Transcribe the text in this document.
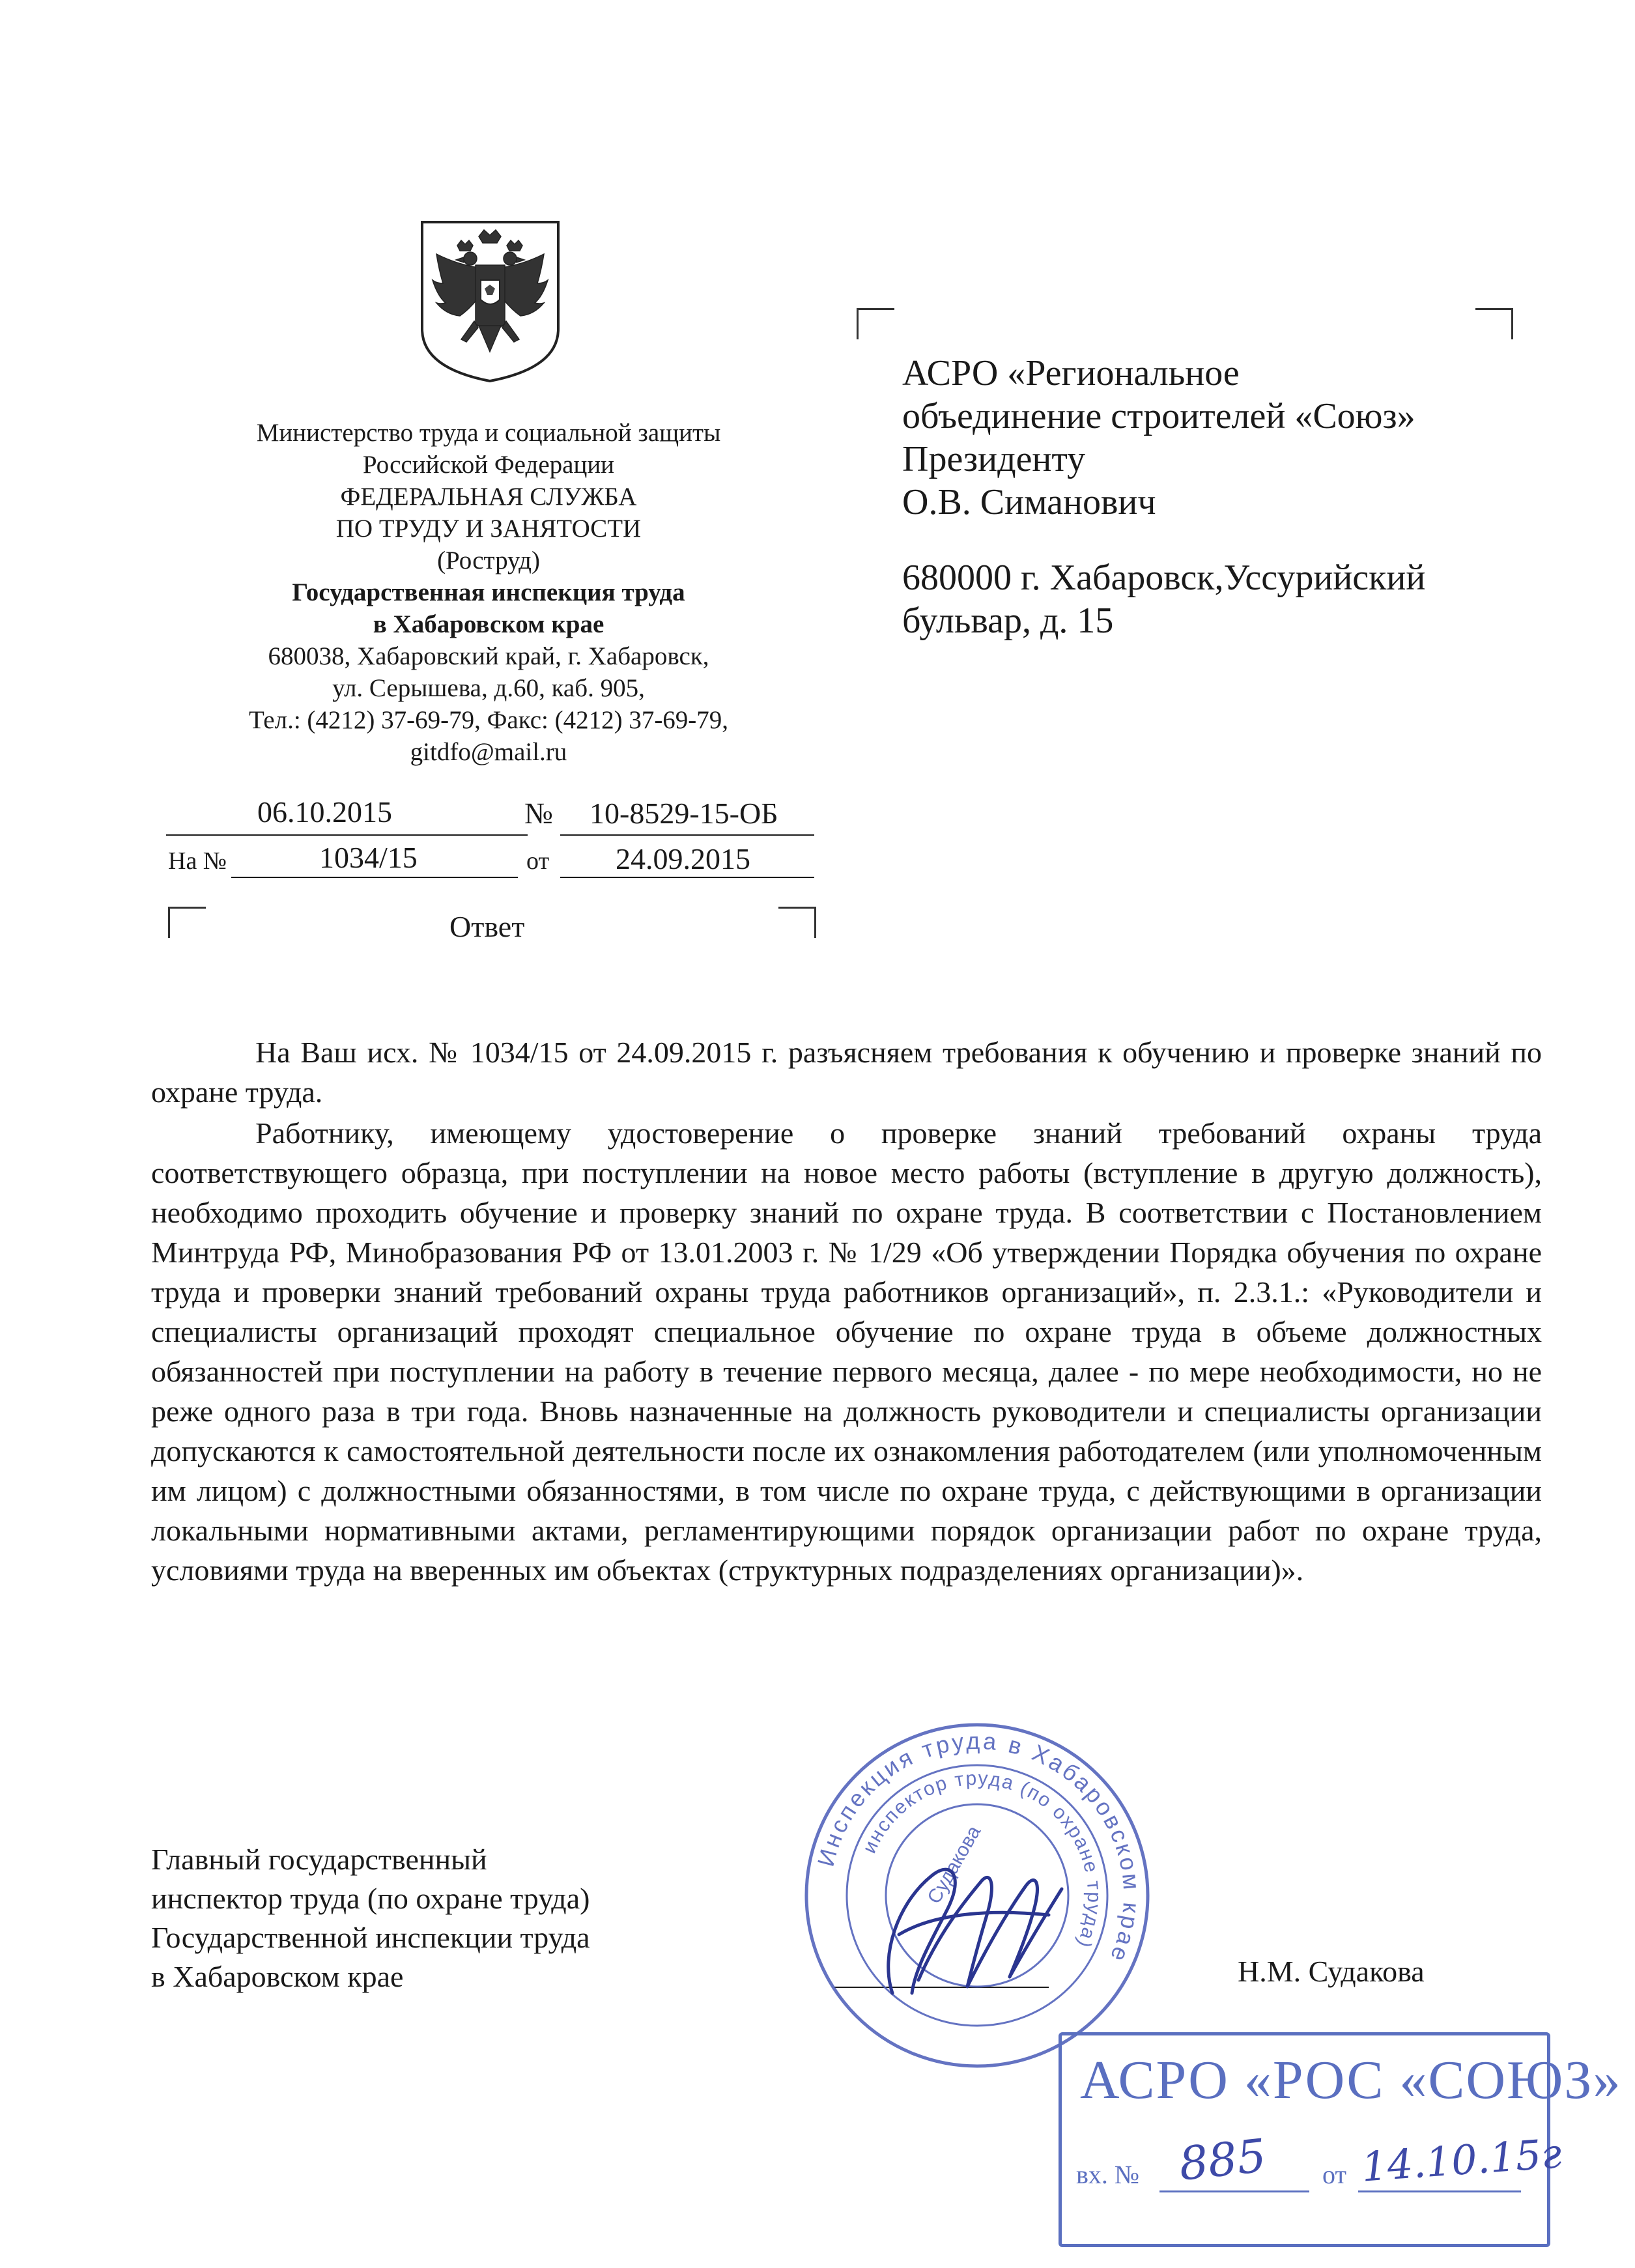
Министерство труда и социальной защиты
Российской Федерации
ФЕДЕРАЛЬНАЯ СЛУЖБА
ПО ТРУДУ И ЗАНЯТОСТИ
(Роструд)
Государственная инспекция труда
в Хабаровском крае
680038, Хабаровский край, г. Хабаровск,
ул. Серышева, д.60, каб. 905,
Тел.: (4212) 37-69-79, Факс: (4212) 37-69-79,
gitdfo@mail.ru
06.10.2015	№ 10-8529-15-ОБ
На №	1034/15	от 24.09.2015
Ответ
АСРО «Региональное
объединение строителей «Союз»
Президенту
О.В. Симанович
680000 г. Хабаровск,Уссурийский
бульвар, д. 15

На Ваш исх. № 1034/15 от 24.09.2015 г. разъясняем требования к обучению и проверке знаний по охране труда.

Работнику, имеющему удостоверение о проверке знаний требований охраны труда соответствующего образца, при поступлении на новое место работы (вступление в другую должность), необходимо проходить обучение и проверку знаний по охране труда. В соответствии с Постановлением Минтруда РФ, Минобразования РФ от 13.01.2003 г. № 1/29 «Об утверждении Порядка обучения по охране труда и проверки знаний требований охраны труда работников организаций», п. 2.3.1.: «Руководители и специалисты организаций проходят специальное обучение по охране труда в объеме должностных обязанностей при поступлении на работу в течение первого месяца, далее - по мере необходимости, но не реже одного раза в три года. Вновь назначенные на должность руководители и специалисты организации допускаются к самостоятельной деятельности после их ознакомления работодателем (или уполномоченным им лицом) с должностными обязанностями, в том числе по охране труда, с действующими в организации локальными нормативными актами, регламентирующими порядок организации работ по охране труда, условиями труда на вверенных им объектах (структурных подразделениях организации)».

Главный государственный
инспектор труда (по охране труда)
Государственной инспекции труда
в Хабаровском крае	Н.М. Судакова
Инспекция труда в Хабаровском крае
инспектор труда (по охране труда)
Судакова
АСРО «РОС «СОЮЗ»
вх. № 885 от 14.10.15г
